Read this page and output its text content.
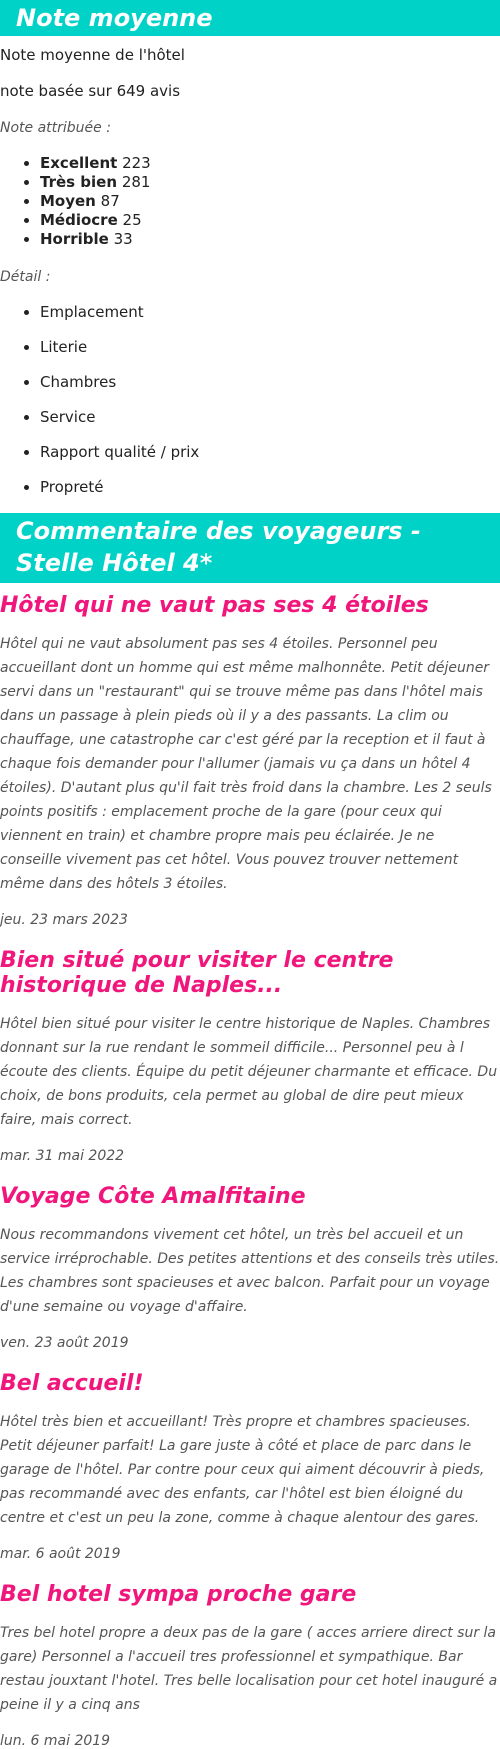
Note moyenne

Note moyenne de l'hôtel

note basée sur 649 avis

Note attribuée :

• Excellent 223
• Très bien 281
• Moyen 87
• Médiocre 25
• Horrible 33

Détail :

• Emplacement
• Literie
• Chambres
• Service
• Rapport qualité / prix
• Propreté
Commentaire des voyageurs - Stelle Hôtel 4*
Hôtel qui ne vaut pas ses 4 étoiles

Hôtel qui ne vaut absolument pas ses 4 étoiles. Personnel peu accueillant dont un homme qui est même malhonnête. Petit déjeuner servi dans un "restaurant" qui se trouve même pas dans l'hôtel mais dans un passage à plein pieds où il y a des passants. La clim ou chauffage, une catastrophe car c'est géré par la reception et il faut à chaque fois demander pour l'allumer (jamais vu ça dans un hôtel 4 étoiles). D'autant plus qu'il fait très froid dans la chambre. Les 2 seuls points positifs : emplacement proche de la gare (pour ceux qui viennent en train) et chambre propre mais peu éclairée. Je ne conseille vivement pas cet hôtel. Vous pouvez trouver nettement même dans des hôtels 3 étoiles.

jeu. 23 mars 2023

Bien situé pour visiter le centre historique de Naples...

Hôtel bien situé pour visiter le centre historique de Naples. Chambres donnant sur la rue rendant le sommeil difficile... Personnel peu à l écoute des clients. Équipe du petit déjeuner charmante et efficace. Du choix, de bons produits, cela permet au global de dire peut mieux faire, mais correct.

mar. 31 mai 2022

Voyage Côte Amalfitaine

Nous recommandons vivement cet hôtel, un très bel accueil et un service irréprochable. Des petites attentions et des conseils très utiles. Les chambres sont spacieuses et avec balcon. Parfait pour un voyage d'une semaine ou voyage d'affaire.

ven. 23 août 2019

Bel accueil!

Hôtel très bien et accueillant! Très propre et chambres spacieuses. Petit déjeuner parfait! La gare juste à côté et place de parc dans le garage de l'hôtel. Par contre pour ceux qui aiment découvrir à pieds, pas recommandé avec des enfants, car l'hôtel est bien éloigné du centre et c'est un peu la zone, comme à chaque alentour des gares.

mar. 6 août 2019

Bel hotel sympa proche gare

Tres bel hotel propre a deux pas de la gare ( acces arriere direct sur la gare) Personnel a l'accueil tres professionnel et sympathique. Bar restau jouxtant l'hotel. Tres belle localisation pour cet hotel inauguré a peine il y a cinq ans

lun. 6 mai 2019
